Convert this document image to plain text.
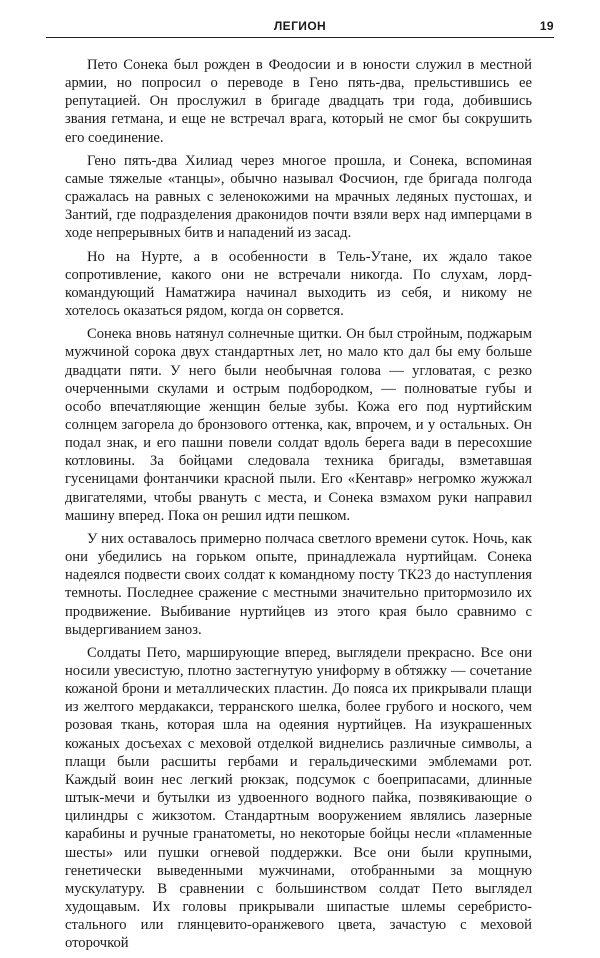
ЛЕГИОН	19

Пето Сонека был рожден в Феодосии и в юности служил в местной армии, но попросил о переводе в Гено пять-два, прельстившись ее репутацией. Он прослужил в бригаде двадцать три года, добившись звания гетмана, и еще не встречал врага, который не смог бы сокрушить его соединение.

Гено пять-два Хилиад через многое прошла, и Сонека, вспоминая самые тяжелые «танцы», обычно называл Фосчион, где бригада полгода сражалась на равных с зеленокожими на мрачных ледяных пустошах, и Зантий, где подразделения драконидов почти взяли верх над имперцами в ходе непрерывных битв и нападений из засад.

Но на Нурте, а в особенности в Тель-Утане, их ждало такое сопротивление, какого они не встречали никогда. По слухам, лорд-командующий Наматжира начинал выходить из себя, и никому не хотелось оказаться рядом, когда он сорвется.

Сонека вновь натянул солнечные щитки. Он был стройным, поджарым мужчиной сорока двух стандартных лет, но мало кто дал бы ему больше двадцати пяти. У него были необычная голова — угловатая, с резко очерченными скулами и острым подбородком, — полноватые губы и особо впечатляющие женщин белые зубы. Кожа его под нуртийским солнцем загорела до бронзового оттенка, как, впрочем, и у остальных. Он подал знак, и его пашни повели солдат вдоль берега вади в пересохшие котловины. За бойцами следовала техника бригады, взметавшая гусеницами фонтанчики красной пыли. Его «Кентавр» негромко жужжал двигателями, чтобы рвануть с места, и Сонека взмахом руки направил машину вперед. Пока он решил идти пешком.

У них оставалось примерно полчаса светлого времени суток. Ночь, как они убедились на горьком опыте, принадлежала нуртийцам. Сонека надеялся подвести своих солдат к командному посту ТК23 до наступления темноты. Последнее сражение с местными значительно притормозило их продвижение. Выбивание нуртийцев из этого края было сравнимо с выдергиванием заноз.

Солдаты Пето, марширующие вперед, выглядели прекрасно. Все они носили увесистую, плотно застегнутую униформу в обтяжку — сочетание кожаной брони и металлических пластин. До пояса их прикрывали плащи из желтого мердакакси, терранского шелка, более грубого и ноского, чем розовая ткань, которая шла на одеяния нуртийцев. На изукрашенных кожаных досъехах с меховой отделкой виднелись различные символы, а плащи были расшиты гербами и геральдическими эмблемами рот. Каждый воин нес легкий рюкзак, подсумок с боеприпасами, длинные штык-мечи и бутылки из удвоенного водного пайка, позвякивающие о цилиндры с жикзотом. Стандартным вооружением являлись лазерные карабины и ручные гранатометы, но некоторые бойцы несли «пламенные шесты» или пушки огневой поддержки. Все они были крупными, генетически выведенными мужчинами, отобранными за мощную мускулатуру. В сравнении с большинством солдат Пето выглядел худощавым. Их головы прикрывали шипастые шлемы серебристо-стального или глянцевито-оранжевого цвета, зачастую с меховой оторочкой
